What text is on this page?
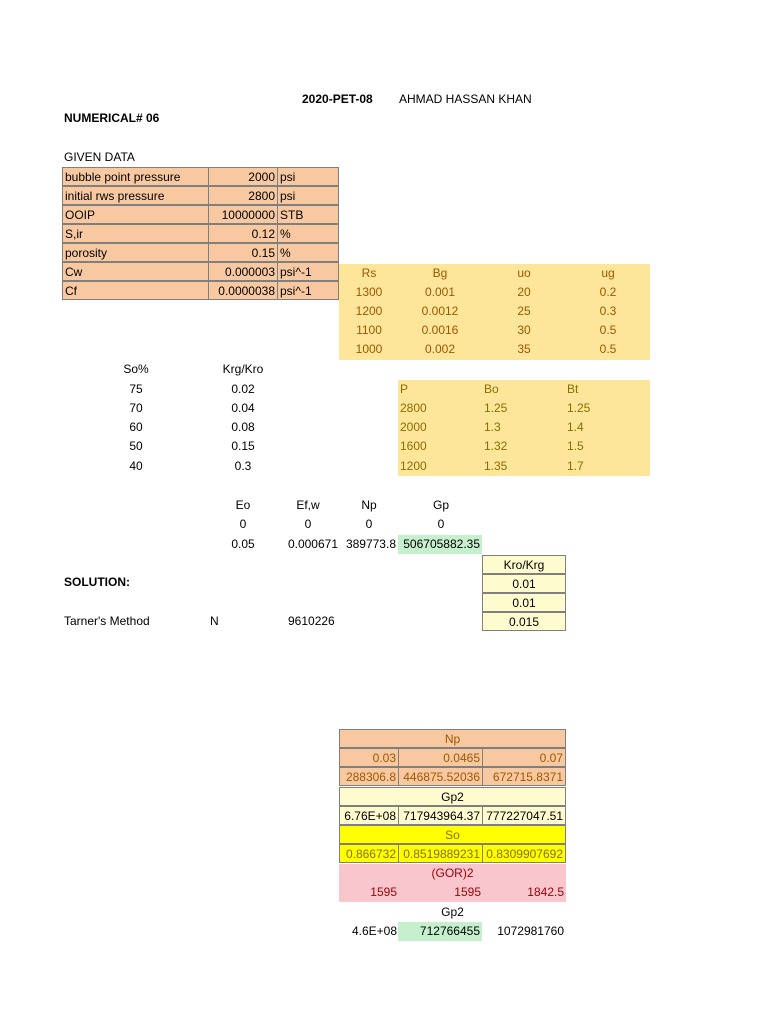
2020-PET-08 AHMAD HASSAN KHAN
NUMERICAL# 06
GIVEN DATA
bubble point pressure	2000 psi
initial rws pressure	2800 psi
OOIP	10000000 STB
S,ir	0.12 %
porosity	0.15 %
Cw	0.000003 psi^-1
Cf	0.0000038 psi^-1
Rs	Bg	uo	ug
1300	0.001	20	0.2
1200	0.0012	25	0.3
1100	0.0016	30	0.5
1000	0.002	35	0.5
So%	Krg/Kro
75	0.02
70	0.04
60	0.08
50	0.15
40	0.3
P	Bo	Bt
2800	1.25	1.25
2000	1.3	1.4
1600	1.32	1.5
1200	1.35	1.7
Eo	Ef,w	Np	Gp
0	0	0	0
0.05	0.000671 389773.8 506705882.35
Kro/Krg
0.01
0.01
0.015
SOLUTION:
Tarner's Method	N	9610226
Np
0.03	0.0465	0.07
288306.8 446875.52036	672715.8371
Gp2
6.76E+08 717943964.37 777227047.51
So
0.866732 0.8519889231 0.8309907692
(GOR)2
1595	1595	1842.5
Gp2
4.6E+08	712766455	1072981760
